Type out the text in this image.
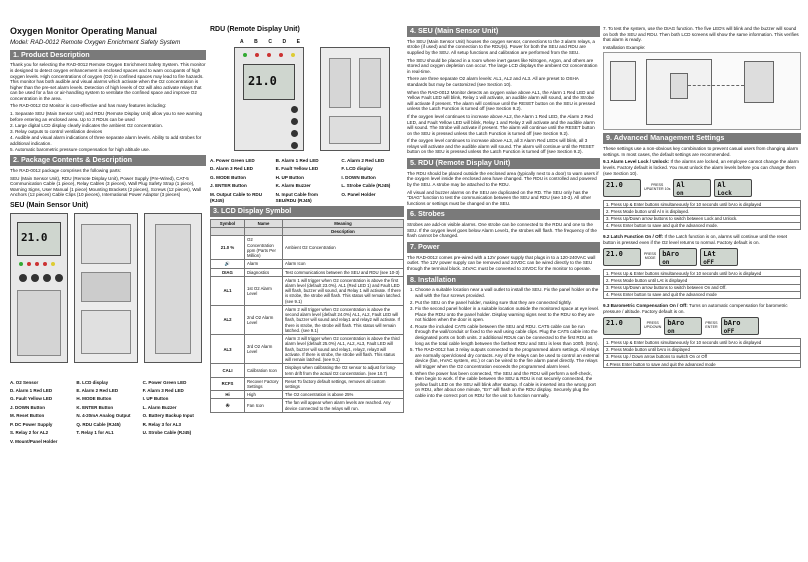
Oxygen Monitor Operating Manual
Model: RAD-0012 Remote Oxygen Enrichment Safety System
1. Product Description

Thank you for selecting the RAD-0012 Remote Oxygen Enrichment Safety System. This monitor is designed to detect oxygen enhancement in enclosed spaces and to warn occupants of high oxygen levels. High concentrations of oxygen (O2) in confined spaces may lead to fire hazards. This monitor has both audible and visual alarms which activate when the O2 concentration is higher than the pre-set alarm levels. Detection of high levels of O2 will also activate relays that can be used for a fan or air-handling system to ventilate the confined space and improve O2 concentration in the area.

The RAD-0012 O2 Monitor is cost-effective and has many features including:

1. Separate SEU (Main Sensor Unit) and RDU (Remote Display Unit) allow you to see warning before entering an enclosed area. Up to 3 RDUs can be used
2. Large digital LCD display clearly indicates the ambient O2 concentration.
3. Relay outputs to control ventilation devices
4. Audible and visual alarm indications of three separate alarm levels. Ability to add strobes for additional indication.
5. Automatic barometric pressure compensation for high altitude use.
2. Package Contents & Description

The RAD-0012 package comprises the following parts:

SEU (Main Sensor Unit), RDU (Remote Display Unit), Power Supply (Pre-Wired), CAT-5 Communication Cable (1 piece), Relay Cables (3 pieces), Wall Plug Safety Strap (1 piece), Warning Signs, User Manual (1 piece) Mounting Brackets (2 pieces), Screws (12 pieces), Wall Anchors (12 pieces) Cable Clips (10 pieces), International Power Adaptor (3 pieces)

SEU (Main Sensor Unit)
21.0
A. O2 Sensor	B. LCD display	C. Power Green LED
D. Alarm 1 Red LED	E. Alarm 2 Red LED	F. Alarm 3 Red LED
G. Fault Yellow LED	H. MODE Button	I. UP Button
J. DOWN Button	K. ENTER Button	L. Alarm Buzzer
M. Reset Button	N. 4-20mA Analog Output	O. Battery Backup Input
P. DC Power Supply	Q. RDU Cable (RJ45)	R. Relay 3 for AL3
S. Relay 2 for AL2	T. Relay 1 for AL1	U. Strobe Cable (RJ45)
V. Mount/Panel Holder
RDU (Remote Display Unit)
A B C D E
21.0
A. Power Green LED	B. Alarm 1 Red LED	C. Alarm 2 Red LED
D. Alarm 3 Red LED	E. Fault Yellow LED	F. LCD display
G. MODE Button	H. UP Button	I. DOWN Button
J. ENTER Button	K. Alarm Buzzer	L. Strobe Cable (RJ45)
M. Output Cable to RDU (RJ45)
N. Input Cable from SEU/RDU (RJ45)
O. Panel Holder
3. LCD Display Symbol
Symbol	Name	Meaning
		Description
21.0 %	O2 Concentration ppm (Parts Per Million)	Ambient O2 Concentration
🔊	Alarm	Alarm Icon
DIAG	Diagnostics	Test communications between the SEU and RDU (see 10-3)
AL1	1st O2 Alarm Level	Alarm 1 will trigger when O2 concentration is above the first alarm level (default 23.0%). AL1 (Red LED 1) and Fault LED will flash, buzzer will sound, and Relay 1 will activate. If there is strobe, the strobe will flash. This status will remain latched. (see 9.1)
AL2	2nd O2 Alarm Level	Alarm 2 will trigger when O2 concentration is above the second alarm level (default 24.0%) AL1, AL2, Fault LED will flash, buzzer will sound and relay1 and relay2 will activate. If there is strobe, the strobe will flash. This status will remain latched. (see 9.1)
AL3	3rd O2 Alarm Level	Alarm 3 will trigger when O2 concentration is above the third alarm level (default 25.0%) AL1, AL2, AL3, Fault LED will flash, buzzer will sound and relay1, relay2, relay3 will activate. If there is strobe, the strobe will flash. This status will remain latched. (see 9.1)
CALI	Calibration Icon	Displays when calibrating the O2 sensor to adjust for long-term drift from the actual O2 concentration. (see 10.7)
RCFS	Recover Factory Settings	Reset To factory default settings, removes all custom settings
Hi	High	The O2 concentration is above 25%
✇	Fan Icon	The fan will appear when alarm levels are reached. Any device connected to the relays will run.
4. SEU (Main Sensor Unit)

The SEU (Main Sensor Unit) houses the oxygen sensor, connections to the 3 alarm relays, a strobe (if used) and the connection to the RDU(s). Power for both the SEU and RDU are supplied by the SEU. All setup functions and calibration are performed from the SEU.

The SEU should be placed in a room where inert gases like Nitrogen, Argon, and others are stored and oxygen depletion can occur. The large LCD displays the ambient O2 concentration in real-time.

There are three separate O2 alarm levels: AL1, AL2 and AL3. All are preset to OSHA standards but may be customized (see Section 10).

When the RAD-0012 Monitor detects an oxygen value above AL1, the Alarm 1 Red LED and Yellow Fault LED will blink, Relay 1 will activate, an audible alarm will sound, and the Strobe will activate if present. The alarm will continue until the RESET button on the SEU is pressed unless the Latch Function is turned off (see Section 9.2).

If the oxygen level continues to increase above AL2, the Alarm 1 Red LED, the Alarm 2 Red LED, and Fault Yellow LED will blink, Relay 1 and Relay 2 will activate and the audible alarm will sound. The Strobe will activate if present. The alarm will continue until the RESET button on the SEU is pressed unless the Latch Function is turned off (see Section 9.2).

If the oxygen level continues to increase above AL3, all 3 Alarm Red LEDs will blink, all 3 relays will activate and the audible alarm will sound. The alarm will continue until the RESET button on the SEU is pressed unless the Latch Function is turned off (see Section 9.2).

5. RDU (Remote Display Unit)

The RDU should be placed outside the enclosed area (typically next to a door) to warn users if the oxygen level inside the enclosed area have changed. The RDU is controlled and powered by the SEU. A strobe may be attached to the RDU.

All visual and buzzer alarms on the SEU are duplicated on the RD. The SEU only has the "DIAG" function to test the communication between the SEU and RDU (see 10-3). All other functions or settings must be changed on the SEU.

6. Strobes

Strobes are add-on visible alarms. One strobe can be connected to the RDU and one to the SEU. If the oxygen level goes below Alarm Level1, the strobes will flash. The frequency of the flash cannot be changed.

7. Power

The RAD-0012 comes pre-wired with a 12V power supply that plugs in to a 120-240VAC wall outlet. The 12V power supply can be removed and 24VDC can be wired directly to the SEU through the terminal block. 24VAC must be converted to 24VDC for the monitor to operate.

8. Installation
1. Choose a suitable location near a wall outlet to install the SEU. Fix the panel holder on the wall with the four screws provided.
2. Put the SEU on the panel holder, making sure that they are connected tightly.
3. Fix the second panel holder in a suitable location outside the monitored space at eye level. Place the RDU onto the panel holder. Display warning signs next to the RDU so they are not hidden when the door is open.
4. Route the included CAT5 cable between the SEU and RDU. CAT5 cable can be run through the wall/conduit or fixed to the wall using cable clips. Plug the CAT5 cable into the designated ports on both units. 2 additional RDUs can be connected to the first RDU as long as the total cable length between the farthest RDU and SEU is less than 100ft. (91m).
5. The RAD-0012 has 3 relay outputs connected to the programmed alarm settings. All relays are normally open/closed dry contacts. Any of the relays can be used to control an external device (fan, HVAC system, etc.) or can be wired to the fire alarm panel directly. The relays will trigger when the O2 concentration exceeds the programmed alarm level.
6. When the power has been connected, The SEU and the RDU will perform a self-check, then begin to work. If the cable between the SEU & RDU is not securely connected, the yellow fault LED on the SEU will blink after startup. If cable is inserted into the wrong port on RDU, after about one minute, "Err" will flash on the RDU display. Securely plug the cable into the correct port on RDU for the unit to function normally.

7. To test the system, use the DIAG function. The five LED's will blink and the buzzer will sound on both the SEU and RDU. Then both LCD screens will show the same information. This verifies that alarm is ready.

Installation Example:

9. Advanced Management Settings

These settings use a non-obvious key combination to prevent casual users from changing alarm settings. In most cases, the default settings are recommended.

9.1 Alarm Level Lock / Unlock: If the alarms are locked, an employee cannot change the alarm levels. Factory default is locked. You must unlock the alarm levels before you can change them (see Section 10).

21.0	PRESS
UP&ENTER 10s Al
on
Al
Lock
1. Press Up & Enter buttons simultaneously for 10 seconds until bAro is displayed
2. Press Mode button until Al n is displayed.
3. Press Up/Down arrow buttons to switch between Lock and Unlock.
4. Press Enter button to save and quit the advanced mode.

9.2 Latch Function On / Off: If the Latch function is on, alarms will continue until the reset button is pressed even if the O2 level returns to normal. Factory default is on.

21.0	PRESS
MODE bAro
on
LAt
oFF
1. Press Up & Enter buttons simultaneously for 10 seconds until bAro is displayed
2. Press Mode button until LAt is displayed
3. Press Up/Down arrow buttons to switch between On and Off.
4. Press Enter button to save and quit the advanced mode

9.3 Barometric Compensation On / Off: Turns on automatic compensation for barometric pressure / altitude. Factory default is on.

21.0	PRESS
UP/DOWN bAro
on
PRESS
ENTER bAro
oFF
1. Press Up & Enter buttons simultaneously for 10 seconds until bAro is displayed
2. Press Mode button until bAro is displayed
3. Press Up / Down arrow buttons to switch On or Off
4.Press Enter button to save and quit the advanced mode
